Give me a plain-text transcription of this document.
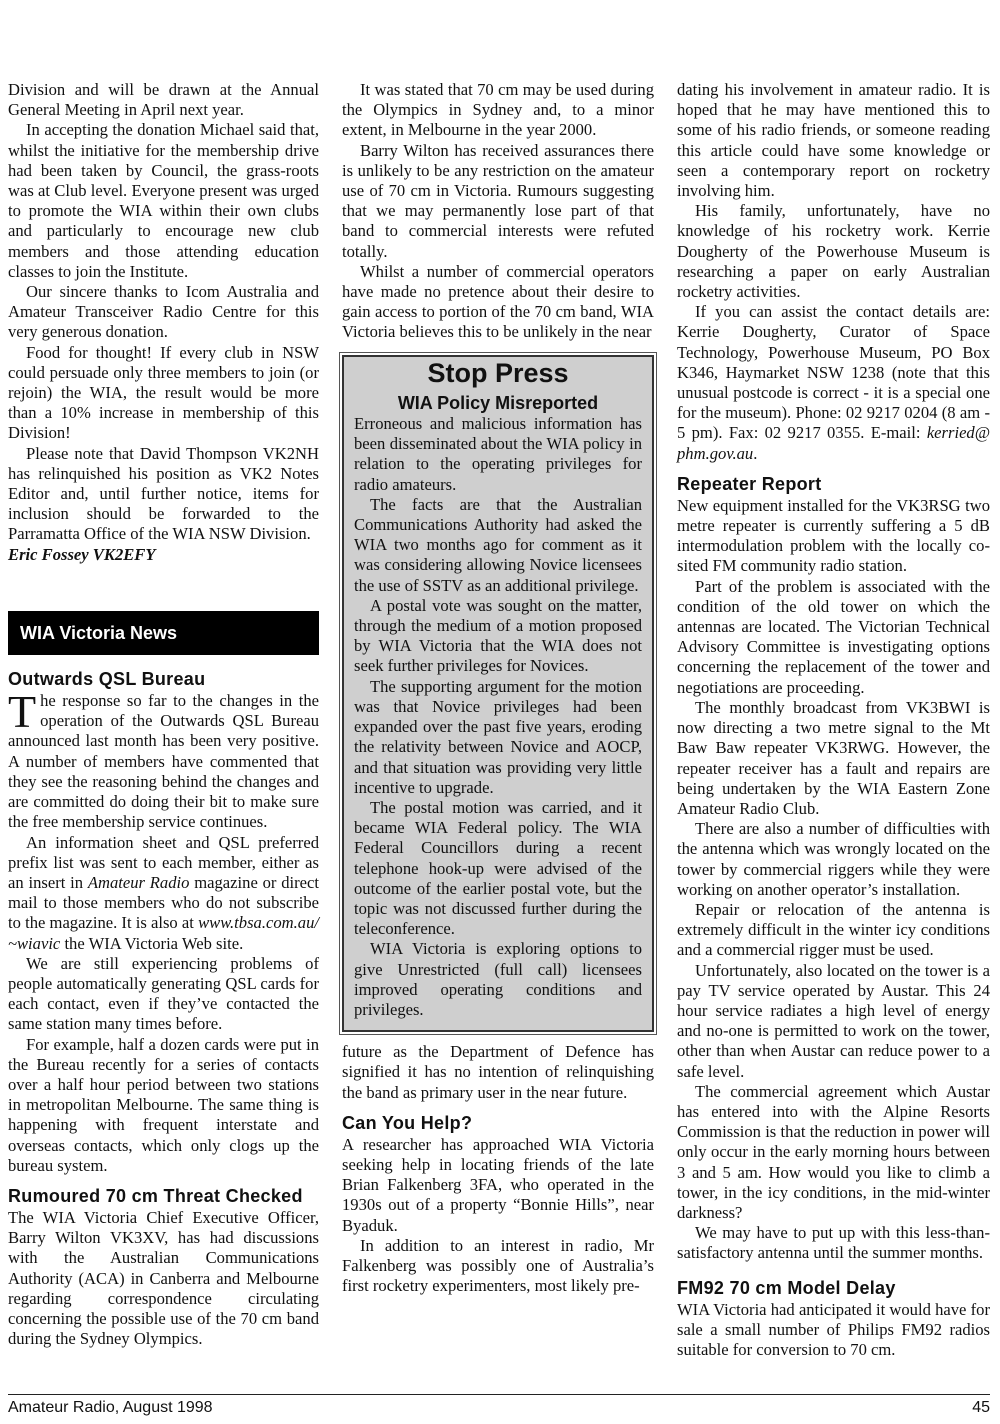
Division and will be drawn at the Annual General Meeting in April next year.

In accepting the donation Michael said that, whilst the initiative for the membership drive had been taken by Council, the grass-roots was at Club level. Everyone present was urged to promote the WIA within their own clubs and particularly to encourage new club members and those attending education classes to join the Institute.

Our sincere thanks to Icom Australia and Amateur Transceiver Radio Centre for this very generous donation.

Food for thought! If every club in NSW could persuade only three members to join (or rejoin) the WIA, the result would be more than a 10% increase in membership of this Division!

Please note that David Thompson VK2NH has relinquished his position as VK2 Notes Editor and, until further notice, items for inclusion should be forwarded to the Parramatta Office of the WIA NSW Division.

Eric Fossey VK2EFY

WIA Victoria News
Outwards QSL Bureau

The response so far to the changes in the operation of the Outwards QSL Bureau announced last month has been very positive. A number of members have commented that they see the reasoning behind the changes and are committed do doing their bit to make sure the free membership service continues.

An information sheet and QSL preferred prefix list was sent to each member, either as an insert in Amateur Radio magazine or direct mail to those members who do not subscribe to the magazine. It is also at www.tbsa.com.au/ ~wiavic the WIA Victoria Web site.

We are still experiencing problems of people automatically generating QSL cards for each contact, even if they’ve contacted the same station many times before.

For example, half a dozen cards were put in the Bureau recently for a series of contacts over a half hour period between two stations in metropolitan Melbourne. The same thing is happening with frequent interstate and overseas contacts, which only clogs up the bureau system.

Rumoured 70 cm Threat Checked

The WIA Victoria Chief Executive Officer, Barry Wilton VK3XV, has had discussions with the Australian Communications Authority (ACA) in Canberra and Melbourne regarding correspondence circulating concerning the possible use of the 70 cm band during the Sydney Olympics.

It was stated that 70 cm may be used during the Olympics in Sydney and, to a minor extent, in Melbourne in the year 2000.

Barry Wilton has received assurances there is unlikely to be any restriction on the amateur use of 70 cm in Victoria. Rumours suggesting that we may permanently lose part of that band to commercial interests were refuted totally.

Whilst a number of commercial operators have made no pretence about their desire to gain access to portion of the 70 cm band, WIA Victoria believes this to be unlikely in the near

Stop Press
WIA Policy Misreported

Erroneous and malicious information has been disseminated about the WIA policy in relation to the operating privileges for radio amateurs.

The facts are that the Australian Communications Authority had asked the WIA two months ago for comment as it was considering allowing Novice licensees the use of SSTV as an additional privilege.

A postal vote was sought on the matter, through the medium of a motion proposed by WIA Victoria that the WIA does not seek further privileges for Novices.

The supporting argument for the motion was that Novice privileges had been expanded over the past five years, eroding the relativity between Novice and AOCP, and that situation was providing very little incentive to upgrade.

The postal motion was carried, and it became WIA Federal policy. The WIA Federal Councillors during a recent telephone hook-up were advised of the outcome of the earlier postal vote, but the topic was not discussed further during the teleconference.

WIA Victoria is exploring options to give Unrestricted (full call) licensees improved operating conditions and privileges.

future as the Department of Defence has signified it has no intention of relinquishing the band as primary user in the near future.

Can You Help?

A researcher has approached WIA Victoria seeking help in locating friends of the late Brian Falkenberg 3FA, who operated in the 1930s out of a property “Bonnie Hills”, near Byaduk.

In addition to an interest in radio, Mr Falkenberg was possibly one of Australia’s first rocketry experimenters, most likely pre-

dating his involvement in amateur radio. It is hoped that he may have mentioned this to some of his radio friends, or someone reading this article could have some knowledge or seen a contemporary report on rocketry involving him.

His family, unfortunately, have no knowledge of his rocketry work. Kerrie Dougherty of the Powerhouse Museum is researching a paper on early Australian rocketry activities.

If you can assist the contact details are: Kerrie Dougherty, Curator of Space Technology, Powerhouse Museum, PO Box K346, Haymarket NSW 1238 (note that this unusual postcode is correct - it is a special one for the museum). Phone: 02 9217 0204 (8 am - 5 pm). Fax: 02 9217 0355. E-mail: kerried@ phm.gov.au.

Repeater Report

New equipment installed for the VK3RSG two metre repeater is currently suffering a 5 dB intermodulation problem with the locally co-sited FM community radio station.

Part of the problem is associated with the condition of the old tower on which the antennas are located. The Victorian Technical Advisory Committee is investigating options concerning the replacement of the tower and negotiations are proceeding.

The monthly broadcast from VK3BWI is now directing a two metre signal to the Mt Baw Baw repeater VK3RWG. However, the repeater receiver has a fault and repairs are being undertaken by the WIA Eastern Zone Amateur Radio Club.

There are also a number of difficulties with the antenna which was wrongly located on the tower by commercial riggers while they were working on another operator’s installation.

Repair or relocation of the antenna is extremely difficult in the winter icy conditions and a commercial rigger must be used.

Unfortunately, also located on the tower is a pay TV service operated by Austar. This 24 hour service radiates a high level of energy and no-one is permitted to work on the tower, other than when Austar can reduce power to a safe level.

The commercial agreement which Austar has entered into with the Alpine Resorts Commission is that the reduction in power will only occur in the early morning hours between 3 and 5 am. How would you like to climb a tower, in the icy conditions, in the mid-winter darkness?

We may have to put up with this less-than-satisfactory antenna until the summer months.

FM92 70 cm Model Delay

WIA Victoria had anticipated it would have for sale a small number of Philips FM92 radios suitable for conversion to 70 cm.

Amateur Radio, August 1998	45
